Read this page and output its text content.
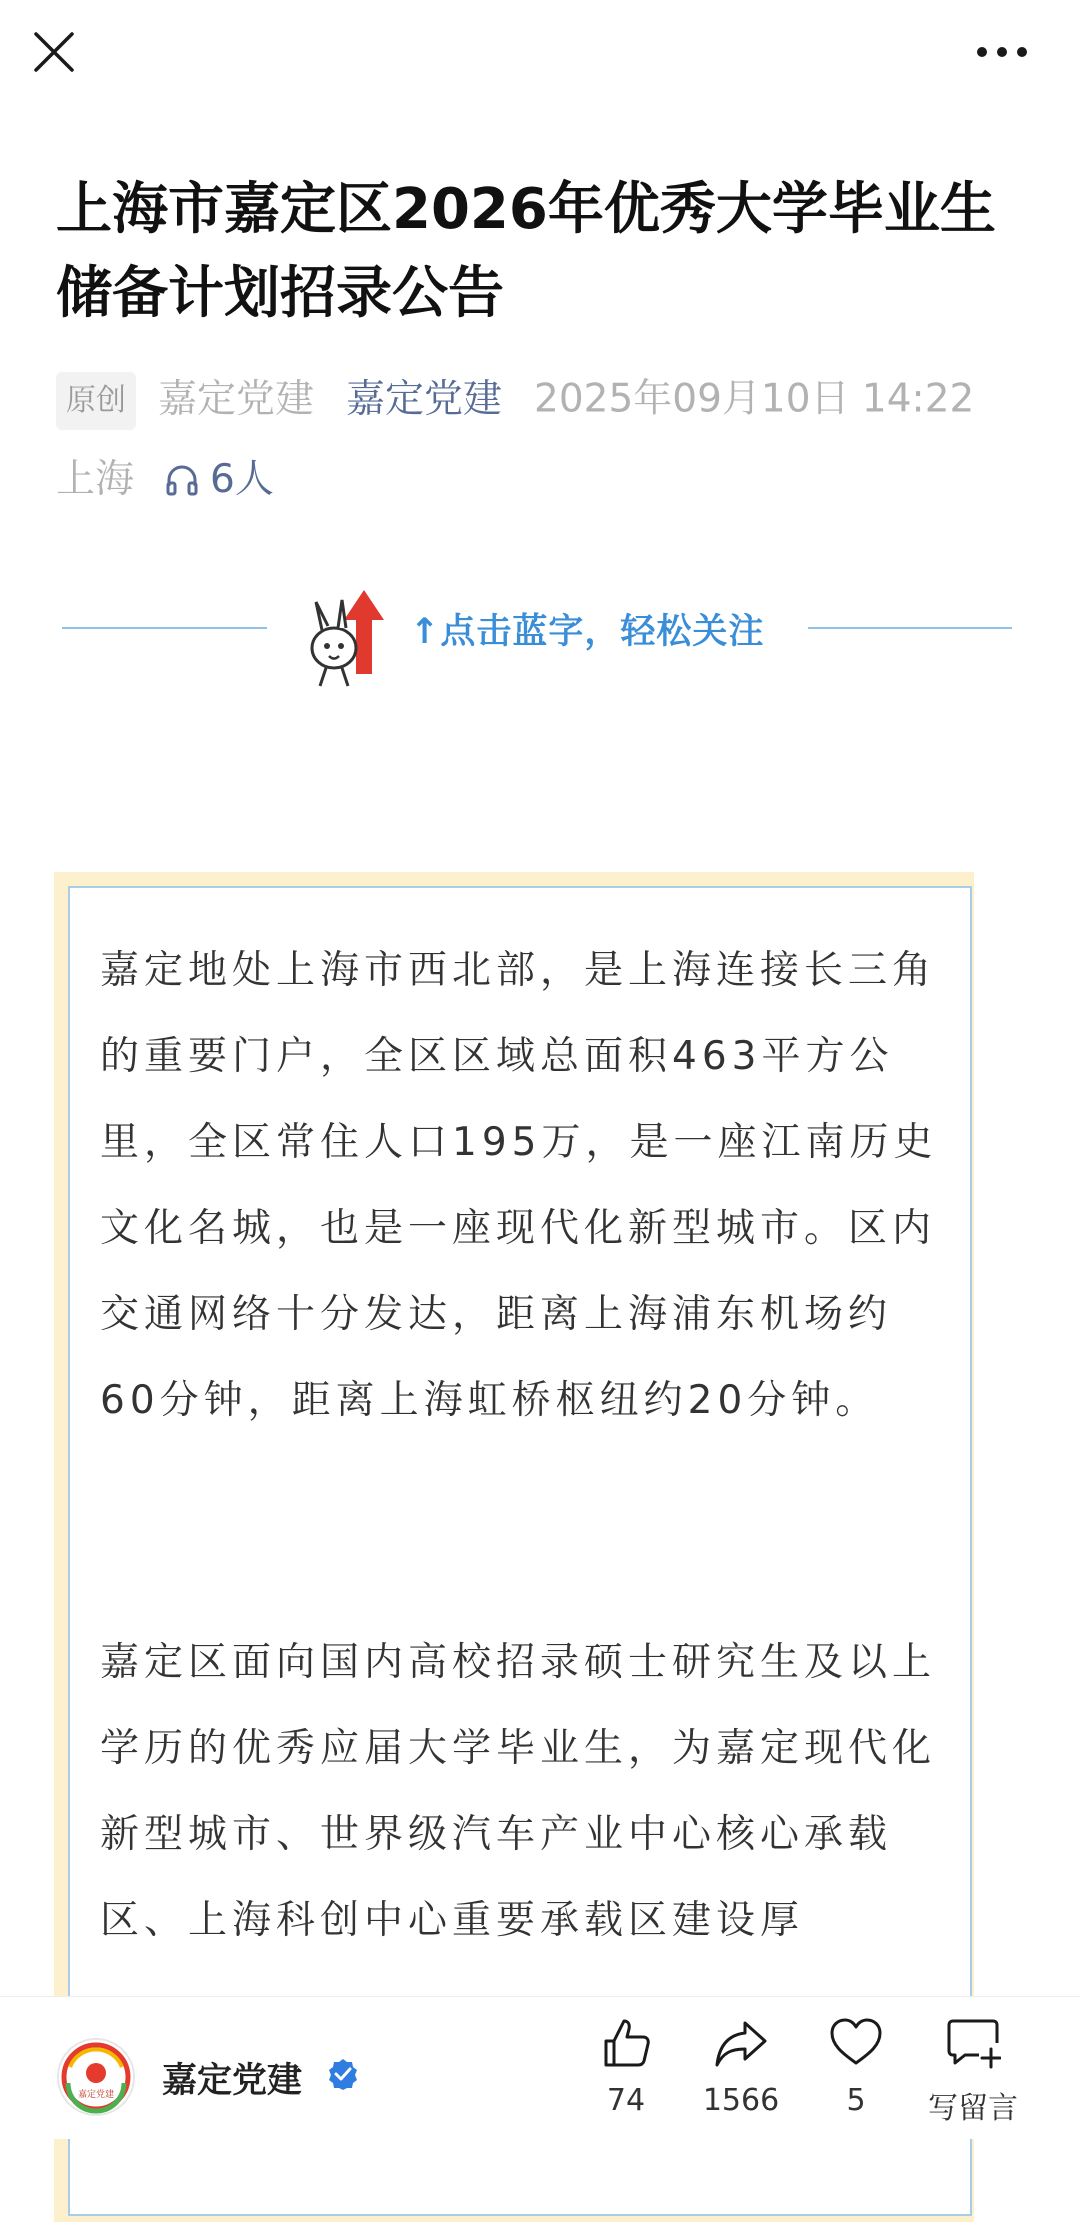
上海市嘉定区2026年优秀大学毕业生储备计划招录公告
原创 嘉定党建 嘉定党建 2025年09月10日 14:22
上海 6人
↑点击蓝字，轻松关注

嘉定地处上海市西北部，是上海连接长三角的重要门户，全区区域总面积463平方公里，全区常住人口195万，是一座江南历史文化名城，也是一座现代化新型城市。区内交通网络十分发达，距离上海浦东机场约60分钟，距离上海虹桥枢纽约20分钟。

嘉定区面向国内高校招录硕士研究生及以上学历的优秀应届大学毕业生，为嘉定现代化新型城市、世界级汽车产业中心核心承载区、上海科创中心重要承载区建设厚

嘉定党建 嘉定党建	74	1566	5	写留言
